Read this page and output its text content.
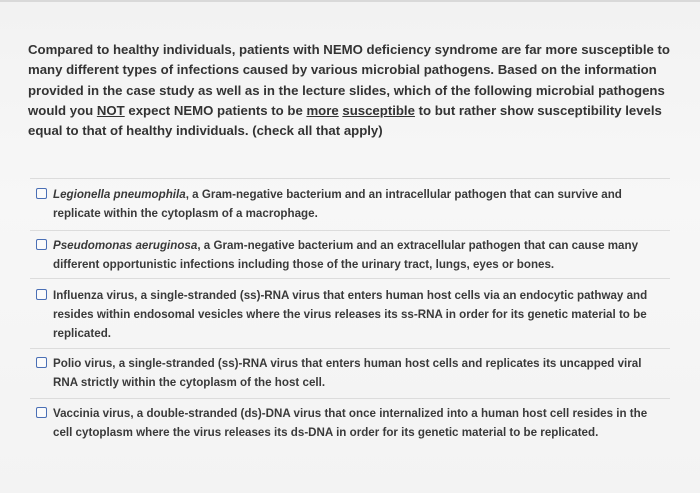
Compared to healthy individuals, patients with NEMO deficiency syndrome are far more susceptible to many different types of infections caused by various microbial pathogens. Based on the information provided in the case study as well as in the lecture slides, which of the following microbial pathogens would you NOT expect NEMO patients to be more susceptible to but rather show susceptibility levels equal to that of healthy individuals. (check all that apply)
Legionella pneumophila, a Gram-negative bacterium and an intracellular pathogen that can survive and replicate within the cytoplasm of a macrophage.
Pseudomonas aeruginosa, a Gram-negative bacterium and an extracellular pathogen that can cause many different opportunistic infections including those of the urinary tract, lungs, eyes or bones.
Influenza virus, a single-stranded (ss)-RNA virus that enters human host cells via an endocytic pathway and resides within endosomal vesicles where the virus releases its ss-RNA in order for its genetic material to be replicated.
Polio virus, a single-stranded (ss)-RNA virus that enters human host cells and replicates its uncapped viral RNA strictly within the cytoplasm of the host cell.
Vaccinia virus, a double-stranded (ds)-DNA virus that once internalized into a human host cell resides in the cell cytoplasm where the virus releases its ds-DNA in order for its genetic material to be replicated.
